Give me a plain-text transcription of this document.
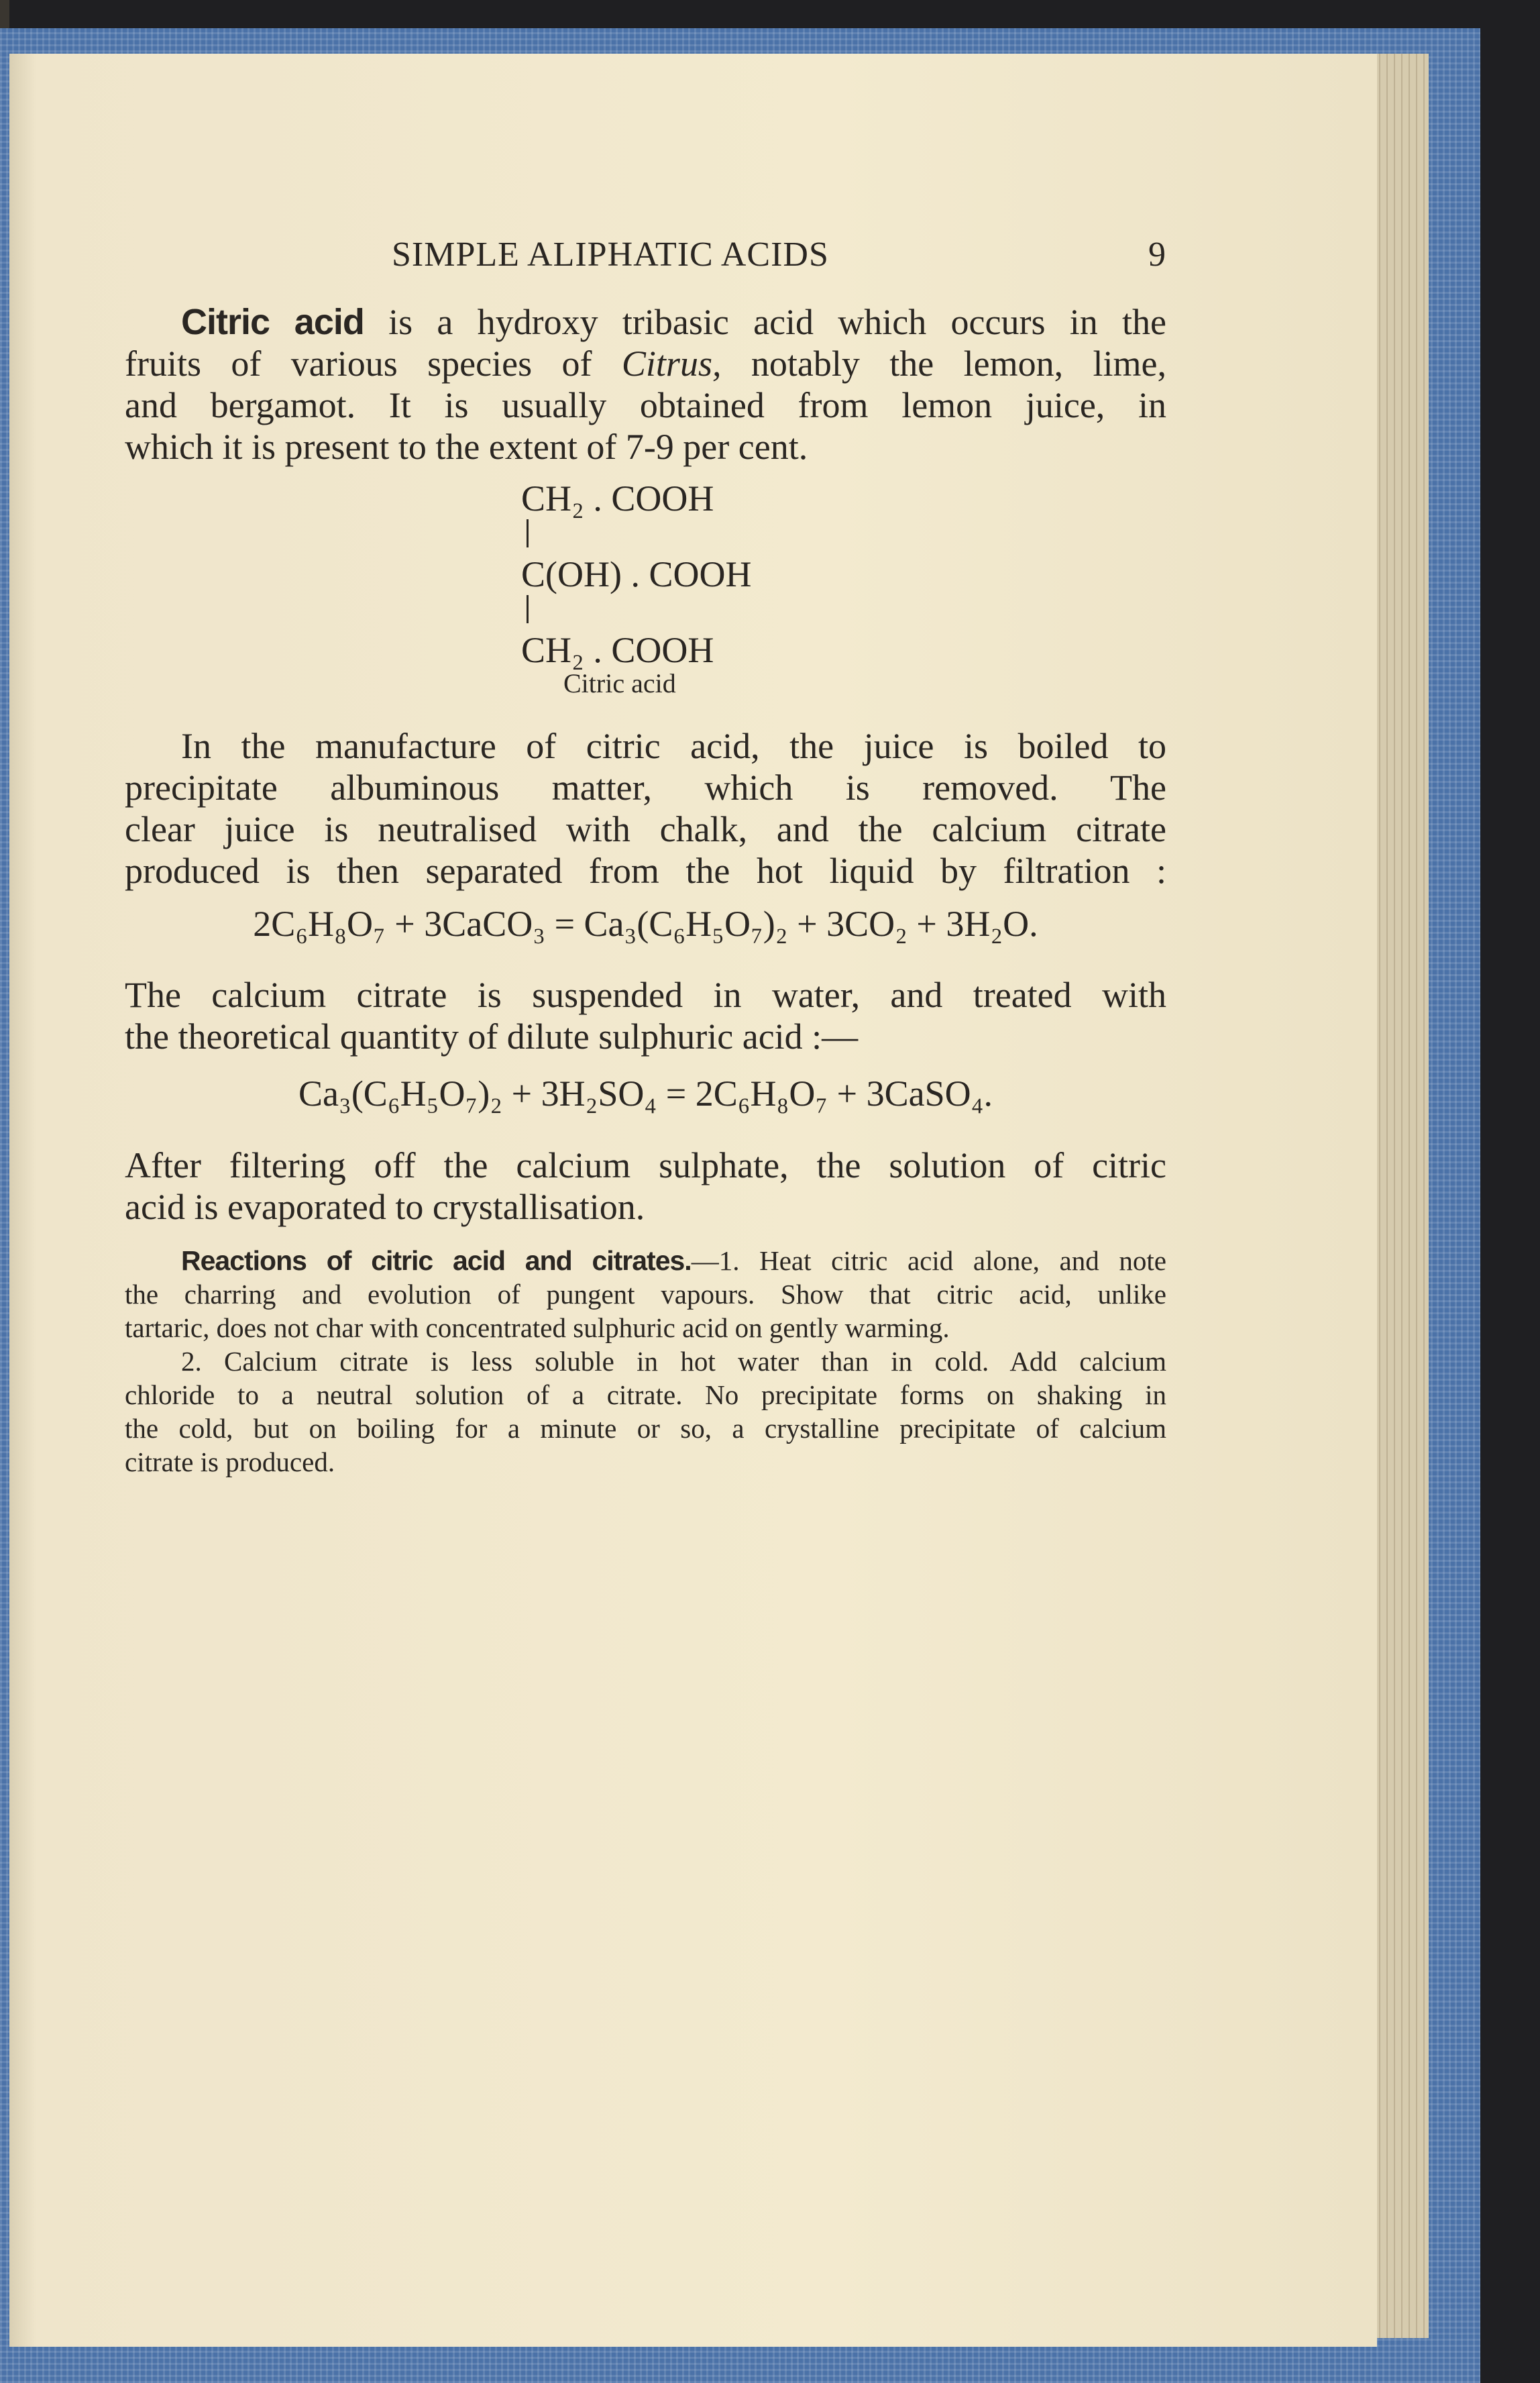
SIMPLE ALIPHATIC ACIDS	9
Citric acid is a hydroxy tribasic acid which occurs in the
fruits of various species of Citrus, notably the lemon, lime,
and bergamot. It is usually obtained from lemon juice, in
which it is present to the extent of 7-9 per cent.
CH₂ . COOH
C(OH) . COOH
CH₂ . COOH
Citric acid
In the manufacture of citric acid, the juice is boiled to
precipitate albuminous matter, which is removed. The
clear juice is neutralised with chalk, and the calcium citrate
produced is then separated from the hot liquid by filtration :
2C₆H₈O₇ + 3CaCO₃ = Ca₃(C₆H₅O₇)₂ + 3CO₂ + 3H₂O.
The calcium citrate is suspended in water, and treated with
the theoretical quantity of dilute sulphuric acid :—
Ca₃(C₆H₅O₇)₂ + 3H₂SO₄ = 2C₆H₈O₇ + 3CaSO₄.
After filtering off the calcium sulphate, the solution of citric
acid is evaporated to crystallisation.
Reactions of citric acid and citrates.—1. Heat citric acid alone, and note
the charring and evolution of pungent vapours. Show that citric acid, unlike
tartaric, does not char with concentrated sulphuric acid on gently warming.
2. Calcium citrate is less soluble in hot water than in cold. Add calcium
chloride to a neutral solution of a citrate. No precipitate forms on shaking in
the cold, but on boiling for a minute or so, a crystalline precipitate of calcium
citrate is produced.
